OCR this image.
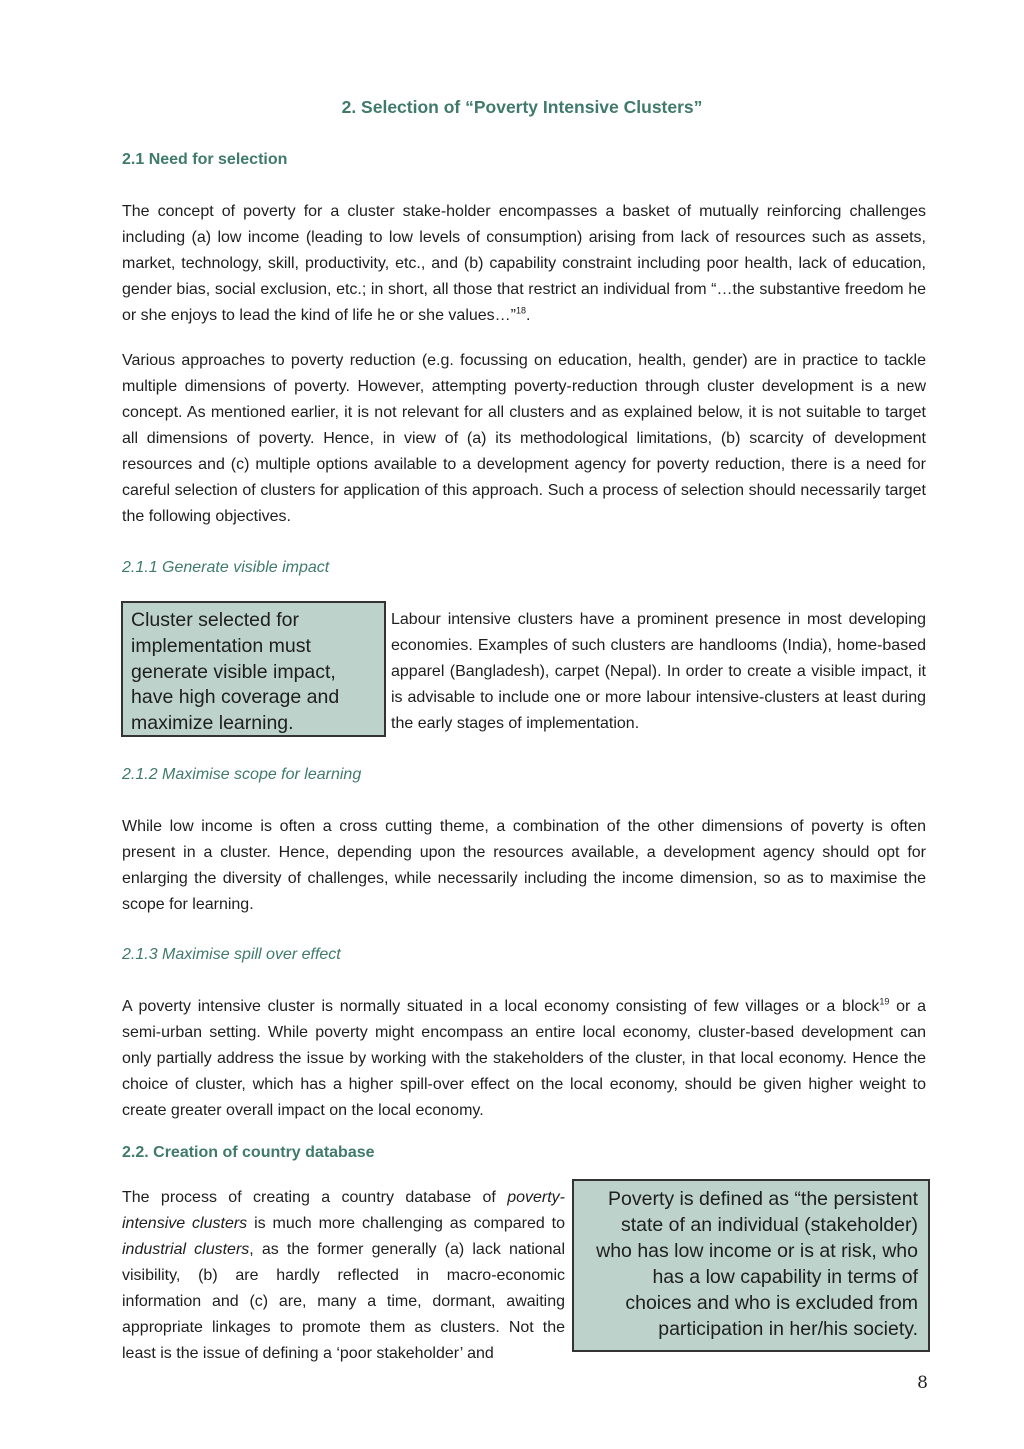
2. Selection of “Poverty Intensive Clusters”
2.1 Need for selection

The concept of poverty for a cluster stake-holder encompasses a basket of mutually reinforcing challenges including (a) low income (leading to low levels of consumption) arising from lack of resources such as assets, market, technology, skill, productivity, etc., and (b) capability constraint including poor health, lack of education, gender bias, social exclusion, etc.; in short, all those that restrict an individual from “…the substantive freedom he or she enjoys to lead the kind of life he or she values…”$^{18}$.

Various approaches to poverty reduction (e.g. focussing on education, health, gender) are in practice to tackle multiple dimensions of poverty. However, attempting poverty-reduction through cluster development is a new concept. As mentioned earlier, it is not relevant for all clusters and as explained below, it is not suitable to target all dimensions of poverty. Hence, in view of (a) its methodological limitations, (b) scarcity of development resources and (c) multiple options available to a development agency for poverty reduction, there is a need for careful selection of clusters for application of this approach. Such a process of selection should necessarily target the following objectives.

2.1.1 Generate visible impact
Cluster selected for implementation must generate visible impact, have high coverage and maximize learning.

Labour intensive clusters have a prominent presence in most developing economies. Examples of such clusters are handlooms (India), home-based apparel (Bangladesh), carpet (Nepal). In order to create a visible impact, it is advisable to include one or more labour intensive-clusters at least during the early stages of implementation.

2.1.2 Maximise scope for learning

While low income is often a cross cutting theme, a combination of the other dimensions of poverty is often present in a cluster. Hence, depending upon the resources available, a development agency should opt for enlarging the diversity of challenges, while necessarily including the income dimension, so as to maximise the scope for learning.

2.1.3 Maximise spill over effect

A poverty intensive cluster is normally situated in a local economy consisting of few villages or a block$^{19}$ or a semi-urban setting. While poverty might encompass an entire local economy, cluster-based development can only partially address the issue by working with the stakeholders of the cluster, in that local economy. Hence the choice of cluster, which has a higher spill-over effect on the local economy, should be given higher weight to create greater overall impact on the local economy.

2.2. Creation of country database

The process of creating a country database of poverty-intensive clusters is much more challenging as compared to industrial clusters, as the former generally (a) lack national visibility, (b) are hardly reflected in macro-economic information and (c) are, many a time, dormant, awaiting appropriate linkages to promote them as clusters. Not the least is the issue of defining a ‘poor stakeholder’ and

Poverty is defined as “the persistent state of an individual (stakeholder) who has low income or is at risk, who has a low capability in terms of choices and who is excluded from participation in her/his society.
8
